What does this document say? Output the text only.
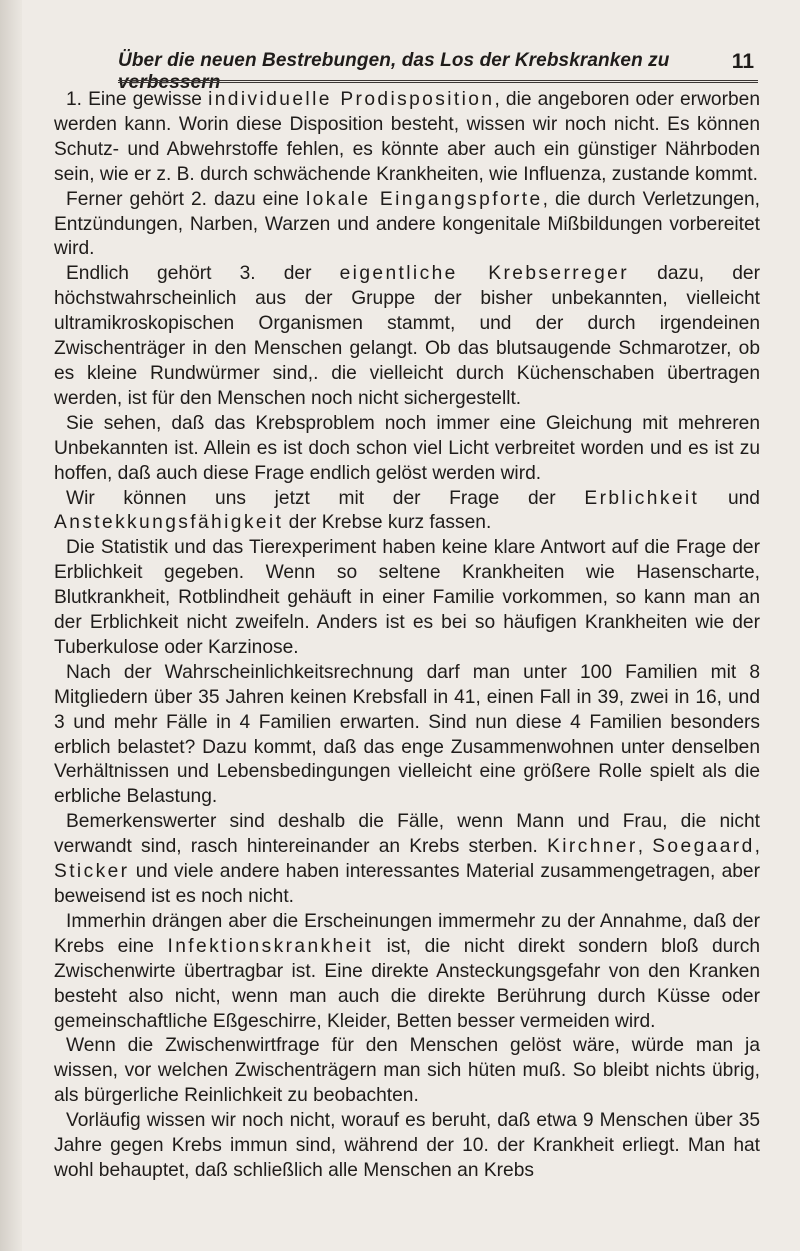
Über die neuen Bestrebungen, das Los der Krebskranken zu verbessern
11

1. Eine gewisse individuelle Prodisposition, die angeboren oder erworben werden kann. Worin diese Disposition besteht, wissen wir noch nicht. Es können Schutz- und Abwehrstoffe fehlen, es könnte aber auch ein günstiger Nährboden sein, wie er z. B. durch schwächende Krankheiten, wie Influenza, zustande kommt.

Ferner gehört 2. dazu eine lokale Eingangspforte, die durch Verletzungen, Entzündungen, Narben, Warzen und andere kongenitale Mißbildungen vorbereitet wird.

Endlich gehört 3. der eigentliche Krebserreger dazu, der höchstwahrscheinlich aus der Gruppe der bisher unbekannten, vielleicht ultramikroskopischen Organismen stammt, und der durch irgendeinen Zwischenträger in den Menschen gelangt. Ob das blutsaugende Schmarotzer, ob es kleine Rundwürmer sind,. die vielleicht durch Küchenschaben übertragen werden, ist für den Menschen noch nicht sichergestellt.

Sie sehen, daß das Krebsproblem noch immer eine Gleichung mit mehreren Unbekannten ist. Allein es ist doch schon viel Licht verbreitet worden und es ist zu hoffen, daß auch diese Frage endlich gelöst werden wird.

Wir können uns jetzt mit der Frage der Erblichkeit und Anstekkungsfähigkeit der Krebse kurz fassen.

Die Statistik und das Tierexperiment haben keine klare Antwort auf die Frage der Erblichkeit gegeben. Wenn so seltene Krankheiten wie Hasenscharte, Blutkrankheit, Rotblindheit gehäuft in einer Familie vorkommen, so kann man an der Erblichkeit nicht zweifeln. Anders ist es bei so häufigen Krankheiten wie der Tuberkulose oder Karzinose.

Nach der Wahrscheinlichkeitsrechnung darf man unter 100 Familien mit 8 Mitgliedern über 35 Jahren keinen Krebsfall in 41, einen Fall in 39, zwei in 16, und 3 und mehr Fälle in 4 Familien erwarten. Sind nun diese 4 Familien besonders erblich belastet? Dazu kommt, daß das enge Zusammenwohnen unter denselben Verhältnissen und Lebensbedingungen vielleicht eine größere Rolle spielt als die erbliche Belastung.

Bemerkenswerter sind deshalb die Fälle, wenn Mann und Frau, die nicht verwandt sind, rasch hintereinander an Krebs sterben. Kirchner, Soegaard, Sticker und viele andere haben interessantes Material zusammengetragen, aber beweisend ist es noch nicht.

Immerhin drängen aber die Erscheinungen immermehr zu der Annahme, daß der Krebs eine Infektionskrankheit ist, die nicht direkt sondern bloß durch Zwischenwirte übertragbar ist. Eine direkte Ansteckungsgefahr von den Kranken besteht also nicht, wenn man auch die direkte Berührung durch Küsse oder gemeinschaftliche Eßgeschirre, Kleider, Betten besser vermeiden wird.

Wenn die Zwischenwirtfrage für den Menschen gelöst wäre, würde man ja wissen, vor welchen Zwischenträgern man sich hüten muß. So bleibt nichts übrig, als bürgerliche Reinlichkeit zu beobachten.

Vorläufig wissen wir noch nicht, worauf es beruht, daß etwa 9 Menschen über 35 Jahre gegen Krebs immun sind, während der 10. der Krankheit erliegt. Man hat wohl behauptet, daß schließlich alle Menschen an Krebs
